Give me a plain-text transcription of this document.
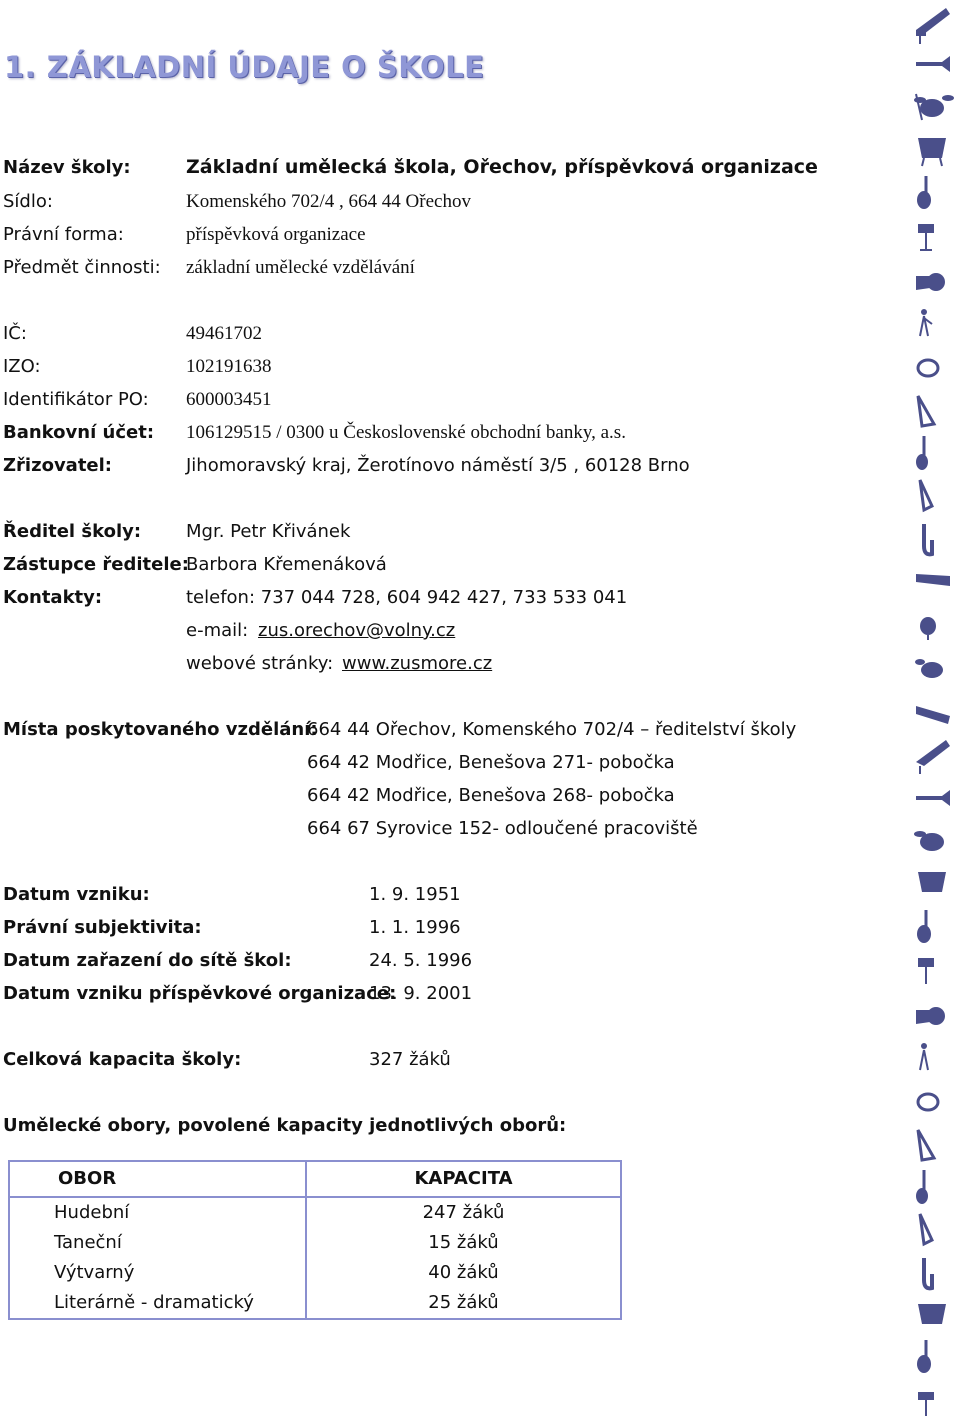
1. ZÁKLADNÍ ÚDAJE O ŠKOLE
Název školy:	Základní umělecká škola, Ořechov, příspěvková organizace
Sídlo:	Komenského 702/4 , 664 44 Ořechov
Právní forma:	příspěvková organizace
Předmět činnosti: základní umělecké vzdělávání
IČ:	49461702
IZO:	102191638
Identifikátor PO: 600003451
Bankovní účet: 106129515 / 0300 u Československé obchodní banky, a.s.
Zřizovatel:	Jihomoravský kraj, Žerotínovo náměstí 3/5 , 60128 Brno
Ředitel školy: Mgr. Petr Křivánek
Zástupce ředitele:
Barbora Křemenáková
Kontakty:	telefon: 737 044 728, 604 942 427, 733 533 041
e-mail: zus.orechov@volny.cz
webové stránky: www.zusmore.cz
Místa poskytovaného vzdělání:
664 44 Ořechov, Komenského 702/4 – ředitelství školy
664 42 Modřice, Benešova 271- pobočka
664 42 Modřice, Benešova 268- pobočka
664 67 Syrovice 152- odloučené pracoviště
Datum vzniku:	1. 9. 1951
Právní subjektivita:	1. 1. 1996
Datum zařazení do sítě škol:	24. 5. 1996
Datum vzniku příspěvkové organizace:
13. 9. 2001
Celková kapacita školy:	327 žáků
Umělecké obory, povolené kapacity jednotlivých oborů:
OBOR	KAPACITA
Hudební	247 žáků
Taneční	15 žáků
Výtvarný	40 žáků
Literárně - dramatický	25 žáků
